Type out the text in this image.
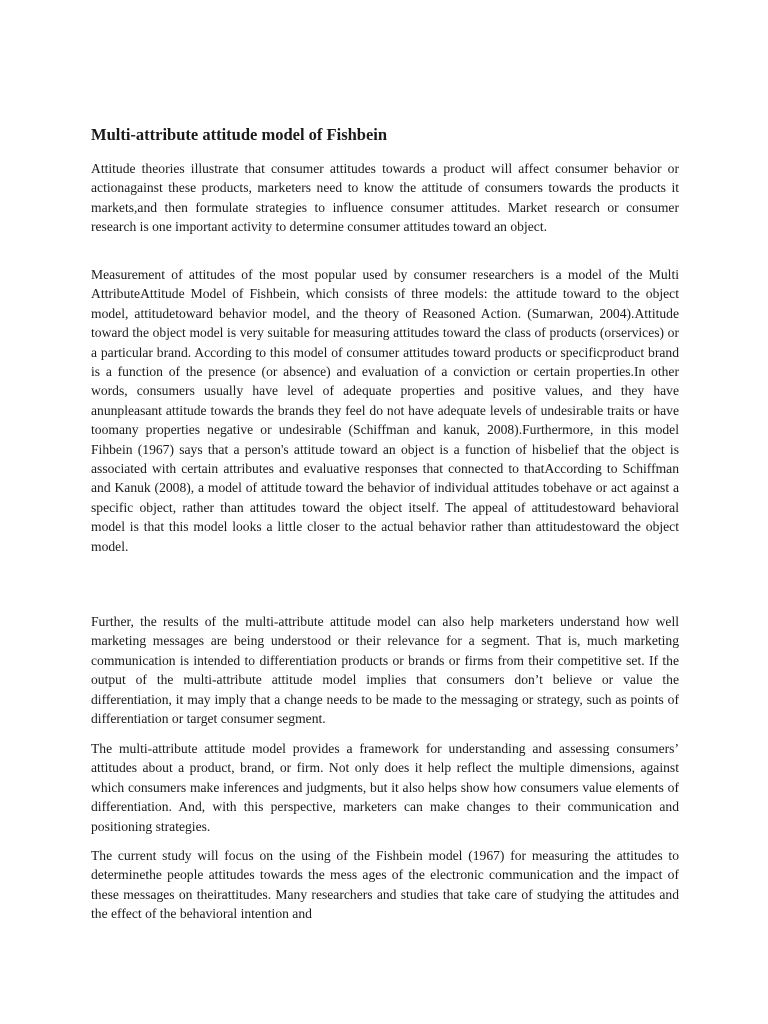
Multi-attribute attitude model of Fishbein

Attitude theories illustrate that consumer attitudes towards a product will affect consumer behavior or actionagainst these products, marketers need to know the attitude of consumers towards the products it markets,and then formulate strategies to influence consumer attitudes. Market research or consumer research is one important activity to determine consumer attitudes toward an object.

Measurement of attitudes of the most popular used by consumer researchers is a model of the Multi AttributeAttitude Model of Fishbein, which consists of three models: the attitude toward to the object model, attitudetoward behavior model, and the theory of Reasoned Action. (Sumarwan, 2004).Attitude toward the object model is very suitable for measuring attitudes toward the class of products (orservices) or a particular brand. According to this model of consumer attitudes toward products or specificproduct brand is a function of the presence (or absence) and evaluation of a conviction or certain properties.In other words, consumers usually have level of adequate properties and positive values, and they have anunpleasant attitude towards the brands they feel do not have adequate levels of undesirable traits or have toomany properties negative or undesirable (Schiffman and kanuk, 2008).Furthermore, in this model Fihbein (1967) says that a person's attitude toward an object is a function of hisbelief that the object is associated with certain attributes and evaluative responses that connected to thatAccording to Schiffman and Kanuk (2008), a model of attitude toward the behavior of individual attitudes tobehave or act against a specific object, rather than attitudes toward the object itself. The appeal of attitudestoward behavioral model is that this model looks a little closer to the actual behavior rather than attitudestoward the object model.

Further, the results of the multi-attribute attitude model can also help marketers understand how well marketing messages are being understood or their relevance for a segment. That is, much marketing communication is intended to differentiation products or brands or firms from their competitive set. If the output of the multi-attribute attitude model implies that consumers don’t believe or value the differentiation, it may imply that a change needs to be made to the messaging or strategy, such as points of differentiation or target consumer segment.

The multi-attribute attitude model provides a framework for understanding and assessing consumers’ attitudes about a product, brand, or firm. Not only does it help reflect the multiple dimensions, against which consumers make inferences and judgments, but it also helps show how consumers value elements of differentiation. And, with this perspective, marketers can make changes to their communication and positioning strategies.

The current study will focus on the using of the Fishbein model (1967) for measuring the attitudes to determinethe people attitudes towards the mess ages of the electronic communication and the impact of these messages on theirattitudes. Many researchers and studies that take care of studying the attitudes and the effect of the behavioral intention and
